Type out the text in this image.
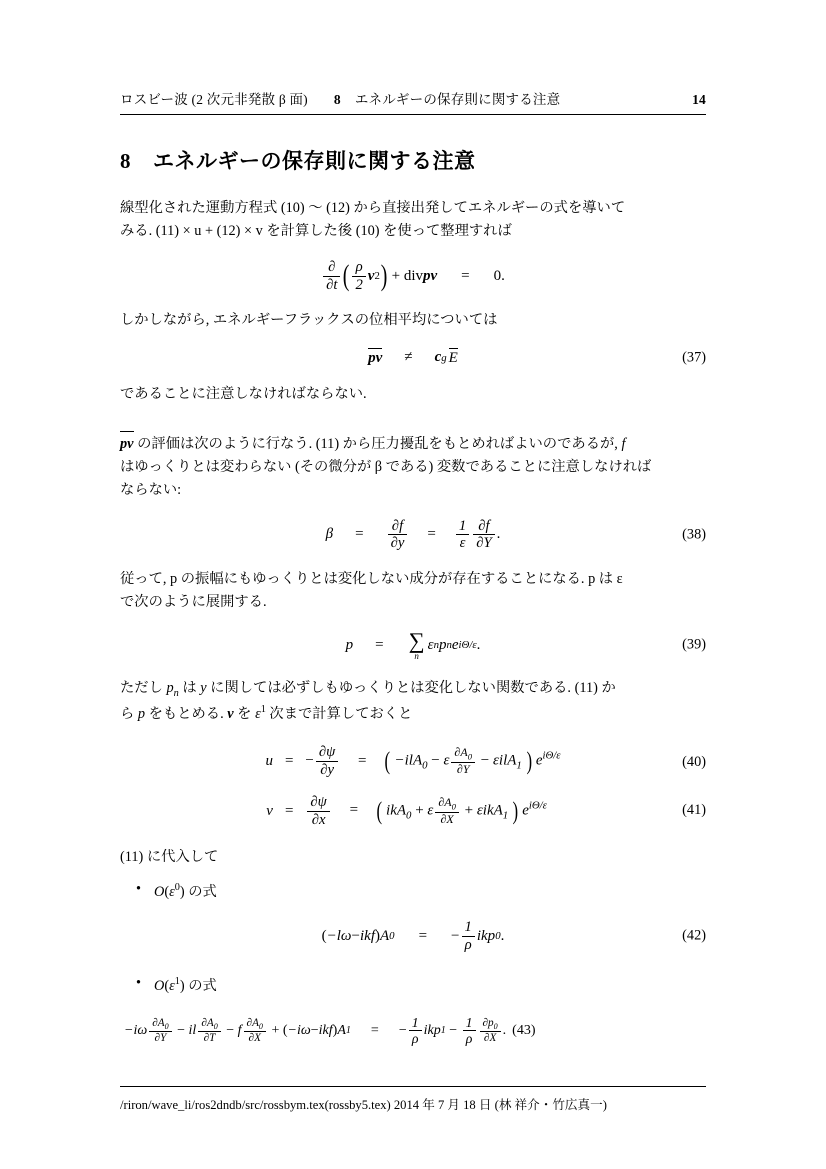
ロスビー波 (2 次元非発散 β 面) 8 エネルギーの保存則に関する注意	14
8 エネルギーの保存則に関する注意

線型化された運動方程式 (10) ～ (12) から直接出発してエネルギーの式を導いて
みる. (11) × u + (12) × v を計算した後 (10) を使って整理すれば

$\frac{\partial}{\partial t}$ ( $\frac{\rho}{2}$ v 2 ) + div pv = 0.

しかしながら, エネルギーフラックスの位相平均については

pv ≠ c g E	(37)

であることに注意しなければならない.

pv の評価は次のように行なう. (11) から圧力擾乱をもとめればよいのであるが, f
はゆっくりとは変わらない (その微分が β である) 変数であることに注意しなければ
ならない:

$\beta = \frac{\partial f}{\partial y} = \frac{1}{\varepsilon} \frac{\partial f}{\partial Y}$ .	(38)

従って, p の振幅にもゆっくりとは変化しない成分が存在することになる. p は ε
で次のように展開する.

p = ∑
n
ε n p n e iΘ/ε .	(39)

ただし $p_n$ は y に関しては必ずしもゆっくりとは変化しない関数である. (11) か
ら p をもとめる. v を $\varepsilon^1$ 次まで計算しておくと

u = − $\frac{\partial\psi}{\partial y}$ = ( −ilA$_0$ − ε $\frac{\partial A_0}{\partial Y} - \varepsilon ilA_1$ ) $e^{i\Theta/\varepsilon}$
$v = \frac{\partial\psi}{\partial x}$ = ( ikA$_0$ + ε $\frac{\partial A_0}{\partial X} + \varepsilon ikA_1$ ) $e^{i\Theta/\varepsilon}$
(40)
(41)

(11) に代入して

• $O(\varepsilon^0)$ の式
( −lω − ikf ) A 0 = − $\frac{1}{\rho}$ ikp 0 .	(42)
• $O(\varepsilon^1)$ の式
$-i\omega \frac{\partial A_0}{\partial Y}$ − il $\frac{\partial A_0}{\partial T} - f \frac{\partial A_0}{\partial X}$ + ( −iω − ikf ) A 1 = − $\frac{1}{\rho}$ ikp $1 - \frac{1}{\rho} \frac{\partial p_0}{\partial X}$ . (43)
/riron/wave_li/ros2dndb/src/rossbym.tex(rossby5.tex) 2014 年 7 月 18 日 (林 祥介・竹広真一)
